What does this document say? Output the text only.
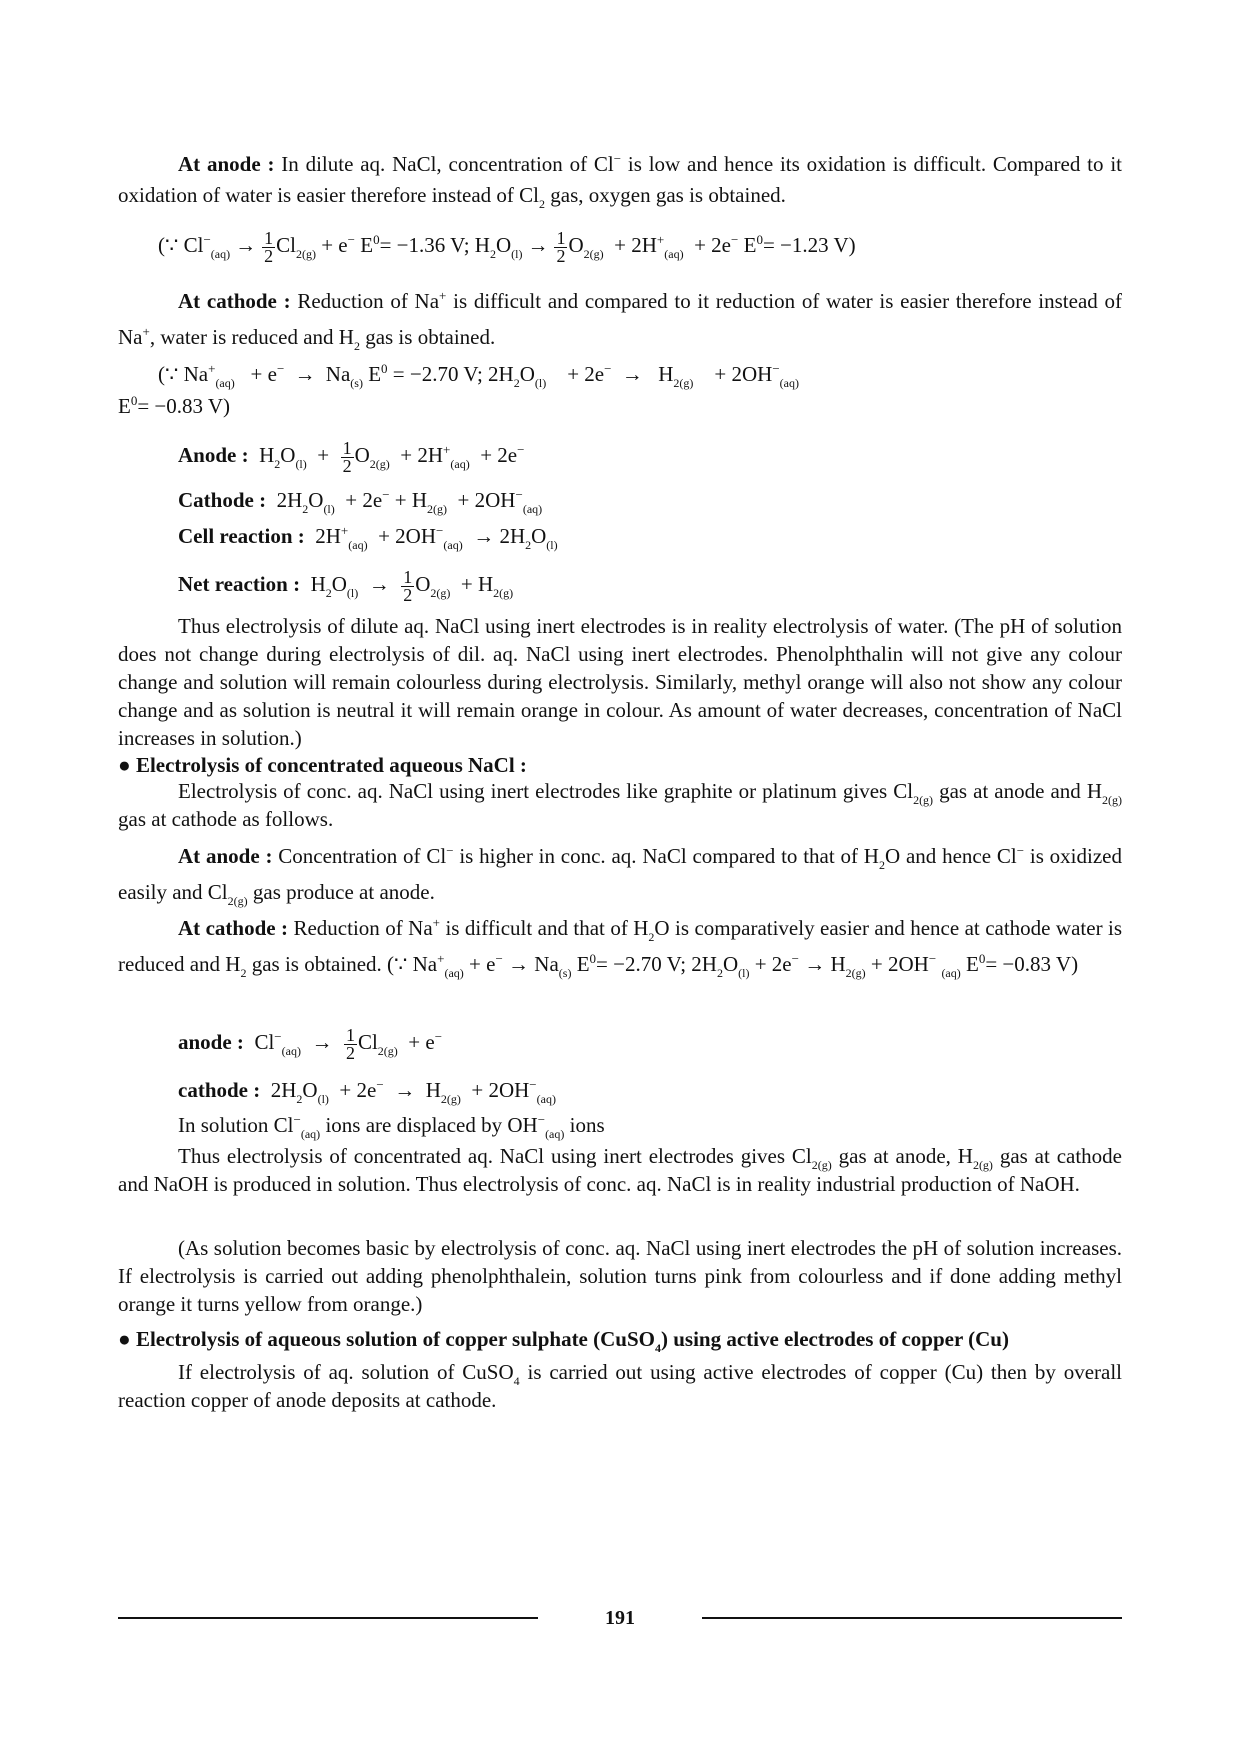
At anode : In dilute aq. NaCl, concentration of Cl− is low and hence its oxidation is difficult. Compared to it oxidation of water is easier therefore instead of $Cl_2$ gas, oxygen gas is obtained.

(∵ $Cl^-_{(aq)} \to \frac{1}{2} Cl_{2(g)} + e^-$ $E^0= -1.36$ V; $H_2O_{(l)} \to \frac{1}{2} O_{2(g)} + 2H^+_{(aq)} + 2e^-$ $E^0= -1.23$ V)

At cathode : Reduction of Na+ is difficult and compared to it reduction of water is easier therefore instead of Na+, water is reduced and $H_2$ gas is obtained.

(∵ $Na^+_{(aq)} + e^- \to Na_{(s)}$ $E^0 = -2.70$ V; $2H_2O_{(l)} + 2e^- \to H_{2(g)} + 2OH^-_{(aq)}$
$E^0= -0.83$ V)
Anode :  $H_2O_{(l)} + \frac{1}{2} O_{2(g)} + 2H^+_{(aq)} + 2e^-$
Cathode :  $2H_2O_{(l)} + 2e^- + H_{2(g)} + 2OH^-_{(aq)}$
Cell reaction :  $2H^+_{(aq)} + 2OH^-_{(aq)} \to 2H_2O_{(l)}$
Net reaction :  $H_2O_{(l)} \to \frac{1}{2} O_{2(g)} + H_{2(g)}$

Thus electrolysis of dilute aq. NaCl using inert electrodes is in reality electrolysis of water. (The pH of solution does not change during electrolysis of dil. aq. NaCl using inert electrodes. Phenolphthalin will not give any colour change and solution will remain colourless during electrolysis. Similarly, methyl orange will also not show any colour change and as solution is neutral it will remain orange in colour. As amount of water decreases, concentration of NaCl increases in solution.)

● Electrolysis of concentrated aqueous NaCl :

Electrolysis of conc. aq. NaCl using inert electrodes like graphite or platinum gives $Cl_{2(g)}$ gas at anode and $H_{2(g)}$ gas at cathode as follows.

At anode : Concentration of Cl− is higher in conc. aq. NaCl compared to that of $H_2O$ and hence Cl− is oxidized easily and $Cl_{2(g)}$ gas produce at anode.

At cathode : Reduction of Na+ is difficult and that of $H_2O$ is comparatively easier and hence at cathode water is reduced and $H_2$ gas is obtained. (∵ $Na^+_{(aq)} + e^- \to Na_{(s)}$ $E^0= -2.70$ V; $2H_2O_{(l)} + 2e^- \to H_{2(g)} + 2OH^-$ $_{(aq)}$ $E^0= -0.83$ V)

anode :  $Cl^-_{(aq)} \to \frac{1}{2} Cl_{2(g)} + e^-$
cathode :  $2H_2O_{(l)} + 2e^- \to H_{2(g)} + 2OH^-_{(aq)}$
In solution $Cl^-_{(aq)}$ ions are displaced by $OH^-_{(aq)}$ ions

Thus electrolysis of concentrated aq. NaCl using inert electrodes gives $Cl_{2(g)}$ gas at anode, $H_{2(g)}$ gas at cathode and NaOH is produced in solution. Thus electrolysis of conc. aq. NaCl is in reality industrial production of NaOH.

(As solution becomes basic by electrolysis of conc. aq. NaCl using inert electrodes the pH of solution increases. If electrolysis is carried out adding phenolphthalein, solution turns pink from colourless and if done adding methyl orange it turns yellow from orange.)

● Electrolysis of aqueous solution of copper sulphate (CuSO$_4$) using active electrodes of copper (Cu)

If electrolysis of aq. solution of CuSO$_4$ is carried out using active electrodes of copper (Cu) then by overall reaction copper of anode deposits at cathode.

191
